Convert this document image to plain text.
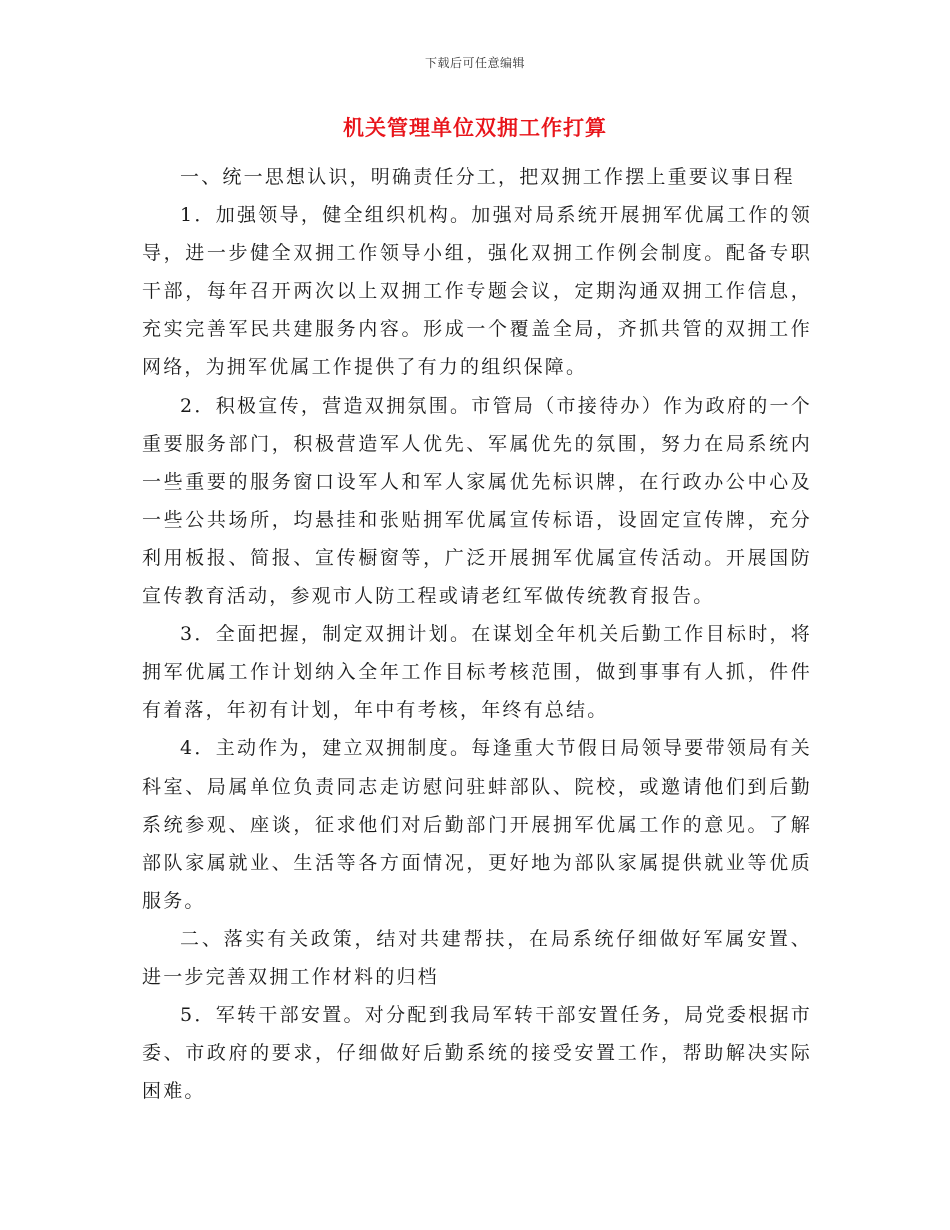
下载后可任意编辑
机关管理单位双拥工作打算

一、统一思想认识，明确责任分工，把双拥工作摆上重要议事日程

1．加强领导，健全组织机构。加强对局系统开展拥军优属工作的领导，进一步健全双拥工作领导小组，强化双拥工作例会制度。配备专职干部，每年召开两次以上双拥工作专题会议，定期沟通双拥工作信息，充实完善军民共建服务内容。形成一个覆盖全局，齐抓共管的双拥工作网络，为拥军优属工作提供了有力的组织保障。

2．积极宣传，营造双拥氛围。市管局（市接待办）作为政府的一个重要服务部门，积极营造军人优先、军属优先的氛围，努力在局系统内一些重要的服务窗口设军人和军人家属优先标识牌，在行政办公中心及一些公共场所，均悬挂和张贴拥军优属宣传标语，设固定宣传牌，充分利用板报、简报、宣传橱窗等，广泛开展拥军优属宣传活动。开展国防宣传教育活动，参观市人防工程或请老红军做传统教育报告。

3．全面把握，制定双拥计划。在谋划全年机关后勤工作目标时，将拥军优属工作计划纳入全年工作目标考核范围，做到事事有人抓，件件有着落，年初有计划，年中有考核，年终有总结。

4．主动作为，建立双拥制度。每逢重大节假日局领导要带领局有关科室、局属单位负责同志走访慰问驻蚌部队、院校，或邀请他们到后勤系统参观、座谈，征求他们对后勤部门开展拥军优属工作的意见。了解部队家属就业、生活等各方面情况，更好地为部队家属提供就业等优质服务。

二、落实有关政策，结对共建帮扶，在局系统仔细做好军属安置、进一步完善双拥工作材料的归档

5．军转干部安置。对分配到我局军转干部安置任务，局党委根据市委、市政府的要求，仔细做好后勤系统的接受安置工作，帮助解决实际困难。
